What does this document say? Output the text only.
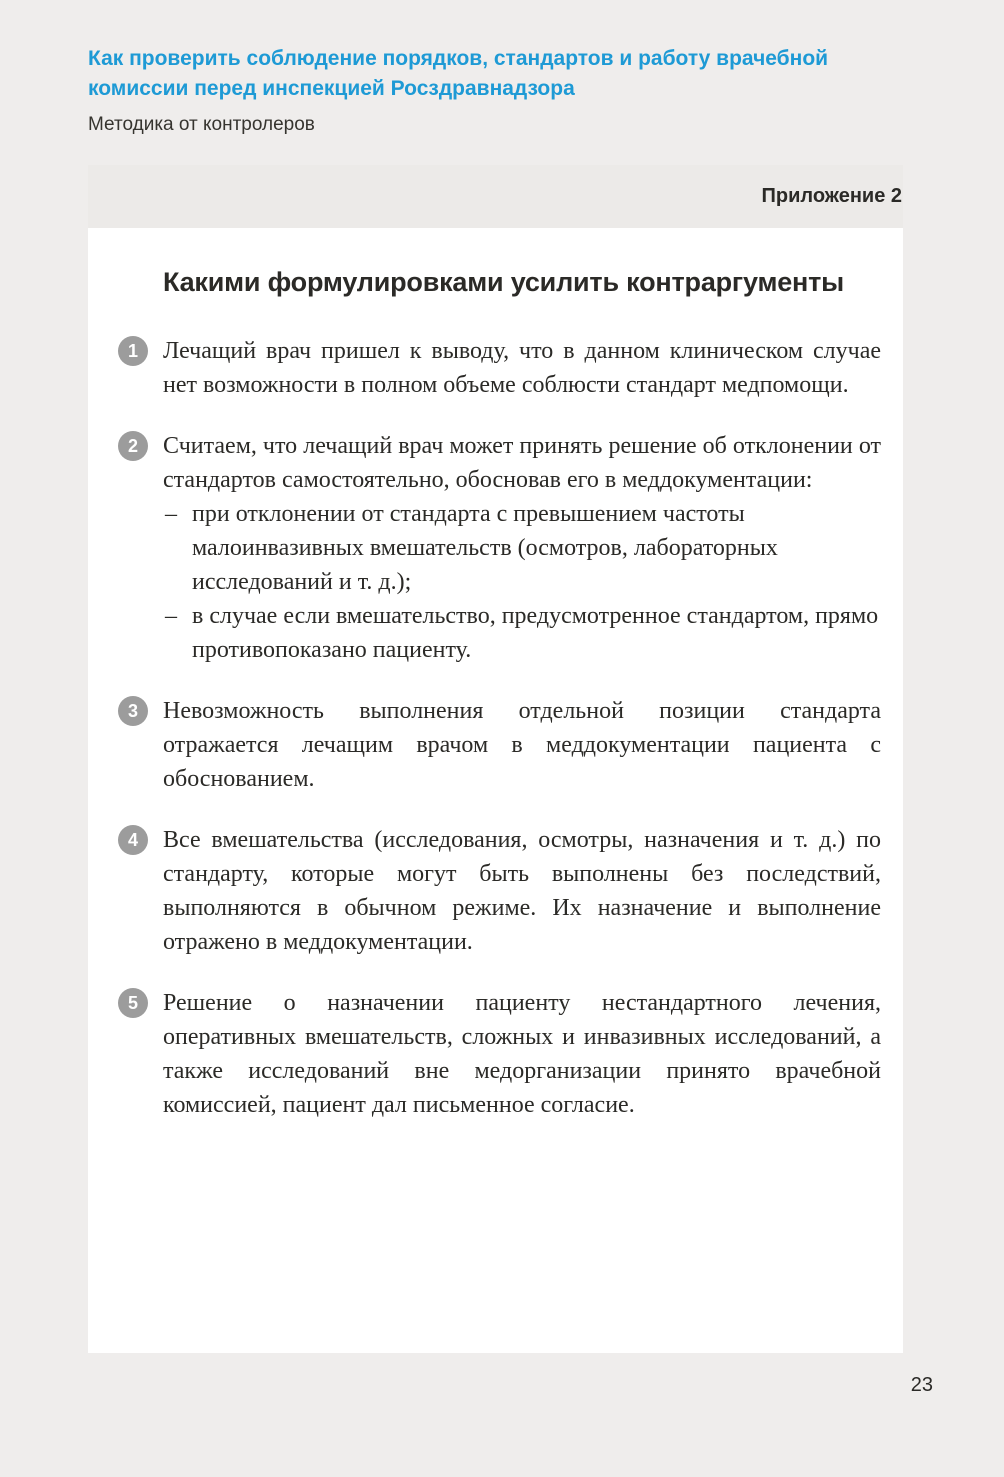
Как проверить соблюдение порядков, стандартов и работу врачебной комиссии перед инспекцией Росздравнадзора
Методика от контролеров
Приложение 2
Какими формулировками усилить контраргументы
1	Лечащий врач пришел к выводу, что в данном клиническом случае нет возможности в полном объеме соблюсти стандарт медпомощи.

2	Считаем, что лечащий врач может принять решение об отклонении от стандартов самостоятельно, обосновав его в меддокументации:

– при отклонении от стандарта с превышением частоты малоинвазивных вмешательств (осмотров, лабораторных исследований и т. д.);
– в случае если вмешательство, предусмотренное стандартом, прямо противопоказано пациенту.
3	Невозможность выполнения отдельной позиции стандарта отражается лечащим врачом в меддокументации пациента с обоснованием.

4	Все вмешательства (исследования, осмотры, назначения и т. д.) по стандарту, которые могут быть выполнены без последствий, выполняются в обычном режиме. Их назначение и выполнение отражено в меддокументации.

5	Решение о назначении пациенту нестандартного лечения, оперативных вмешательств, сложных и инвазивных исследований, а также исследований вне медорганизации принято врачебной комиссией, пациент дал письменное согласие.

23
